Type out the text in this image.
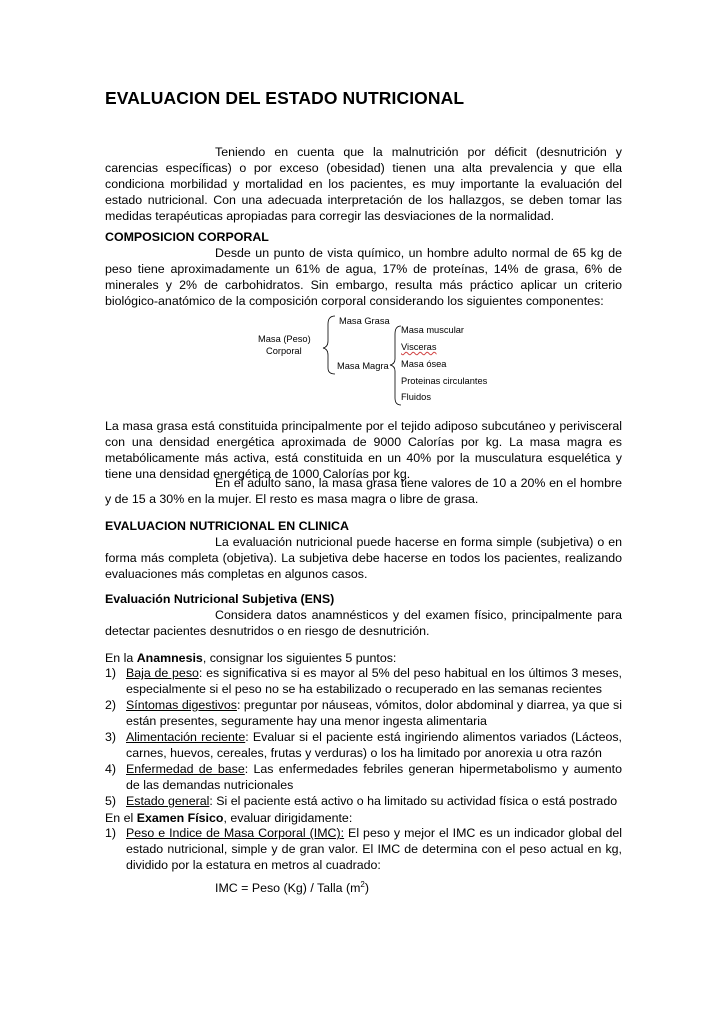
EVALUACION DEL ESTADO NUTRICIONAL
Teniendo en cuenta que la malnutrición por déficit (desnutrición y carencias específicas) o por exceso (obesidad) tienen una alta prevalencia y que ella condiciona morbilidad y mortalidad en los pacientes, es muy importante la evaluación del estado nutricional. Con una adecuada interpretación de los hallazgos, se deben tomar las medidas terapéuticas apropiadas para corregir las desviaciones de la normalidad.
COMPOSICION CORPORAL
Desde un punto de vista químico, un hombre adulto normal de 65 kg de peso tiene aproximadamente un 61% de agua, 17% de proteínas, 14% de grasa, 6% de minerales y 2% de carbohidratos. Sin embargo, resulta más práctico aplicar un criterio biológico-anatómico de la composición corporal considerando los siguientes componentes:
Masa (Peso)
Corporal
Masa Grasa
Masa Magra
Masa muscular
Visceras
Masa ósea
Proteinas circulantes
Fluidos
La masa grasa está constituida principalmente por el tejido adiposo subcutáneo y perivisceral con una densidad energética aproximada de 9000 Calorías por kg. La masa magra es metabólicamente más activa, está constituida en un 40% por la musculatura esquelética y tiene una densidad energética de 1000 Calorías por kg.
En el adulto sano, la masa grasa tiene valores de 10 a 20% en el hombre y de 15 a 30% en la mujer. El resto es masa magra o libre de grasa.
EVALUACION NUTRICIONAL EN CLINICA
La evaluación nutricional puede hacerse en forma simple (subjetiva) o en forma más completa (objetiva). La subjetiva debe hacerse en todos los pacientes, realizando evaluaciones más completas en algunos casos.
Evaluación Nutricional Subjetiva (ENS)
Considera datos anamnésticos y del examen físico, principalmente para detectar pacientes desnutridos o en riesgo de desnutrición.
En la Anamnesis, consignar los siguientes 5 puntos:
1) Baja de peso: es significativa si es mayor al 5% del peso habitual en los últimos 3 meses, especialmente si el peso no se ha estabilizado o recuperado en las semanas recientes
2) Síntomas digestivos: preguntar por náuseas, vómitos, dolor abdominal y diarrea, ya que si están presentes, seguramente hay una menor ingesta alimentaria
3) Alimentación reciente: Evaluar si el paciente está ingiriendo alimentos variados (Lácteos, carnes, huevos, cereales, frutas y verduras) o los ha limitado por anorexia u otra razón
4) Enfermedad de base: Las enfermedades febriles generan hipermetabolismo y aumento de las demandas nutricionales
5) Estado general: Si el paciente está activo o ha limitado su actividad física o está postrado
En el Examen Físico, evaluar dirigidamente:
1) Peso e Indice de Masa Corporal (IMC): El peso y mejor el IMC es un indicador global del estado nutricional, simple y de gran valor. El IMC de determina con el peso actual en kg, dividido por la estatura en metros al cuadrado:
IMC = Peso (Kg) / Talla $(m^2)$
